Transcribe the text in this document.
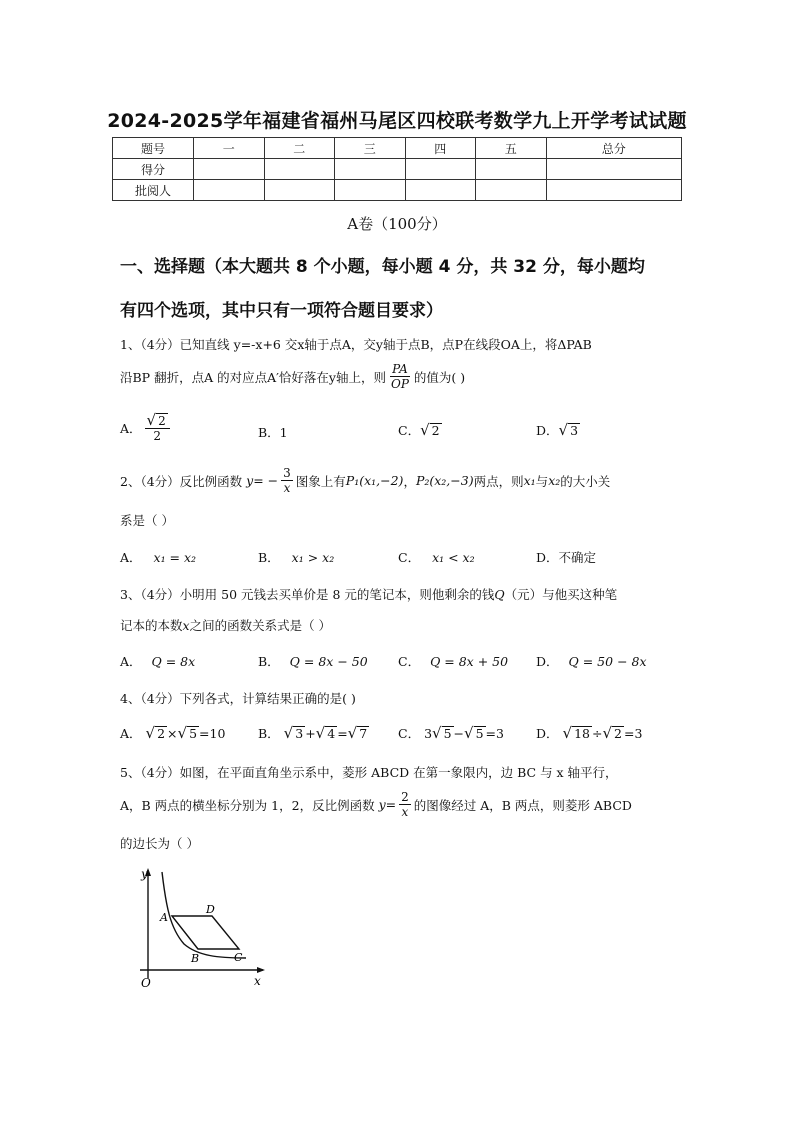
2024-2025学年福建省福州马尾区四校联考数学九上开学考试试题
题号	一	二	三	四	五	总分
得分						
批阅人						
A卷（100分）
一、选择题（本大题共 8 个小题，每小题 4 分，共 32 分，每小题均
有四个选项，其中只有一项符合题目要求）
1、（4分）已知直线 y=-x+6 交x轴于点A，交y轴于点B，点P在线段OA上，将ΔPAB
沿BP 翻折，点A 的对应点A′恰好落在y轴上，则 $\frac{PA}{OP}$ 的值为( )
A． $\frac{√ 2}{2}$	B．1	C． √ 2	D． √ 3
2、（4分）反比例函数 y = − $\frac{3}{x}$ 图象上有 P₁(x₁,−2) ， P₂(x₂,−3) 两点，则 x₁ 与 x₂ 的大小关
系是（ ）
A． x₁ = x₂	B． x₁ > x₂	C． x₁ < x₂	D．不确定
3、（4分）小明用 50 元钱去买单价是 8 元的笔记本，则他剩余的钱Q（元）与他买这种笔
记本的本数x之间的函数关系式是（ ）
A． Q = 8x	B． Q = 8x − 50 C． Q = 8x + 50 D． Q = 50 − 8x
4、（4分）下列各式，计算结果正确的是( )
A． √ 2 × √ 5 =10	B． √ 3 + √ 4 = √ 7 C． 3 √ 5 − √ 5 =3	D． √ 18 ÷ √ 2 =3
5、（4分）如图，在平面直角坐示系中，菱形 ABCD 在第一象限内，边 BC 与 x 轴平行，
A，B 两点的横坐标分别为 1，2，反比例函数 $y = \frac{2}{x}$ 的图像经过 A，B 两点，则菱形 ABCD
的边长为（ ）
y
x
O
A
B	C
D
